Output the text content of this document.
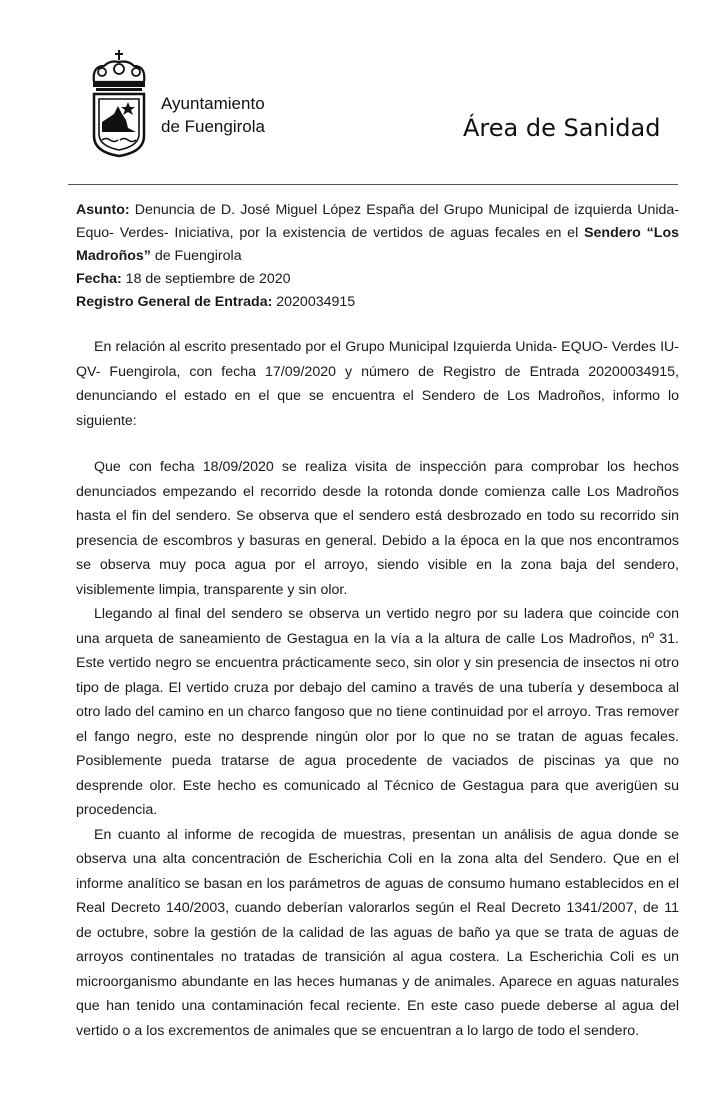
Ayuntamiento
de Fuengirola	Área de Sanidad

Asunto: Denuncia de D. José Miguel López España del Grupo Municipal de izquierda Unida-Equo- Verdes- Iniciativa, por la existencia de vertidos de aguas fecales en el Sendero “Los Madroños” de Fuengirola

Fecha: 18 de septiembre de 2020

Registro General de Entrada: 2020034915

En relación al escrito presentado por el Grupo Municipal Izquierda Unida- EQUO- Verdes IU-QV- Fuengirola, con fecha 17/09/2020 y número de Registro de Entrada 20200034915, denunciando el estado en el que se encuentra el Sendero de Los Madroños, informo lo siguiente:

Que con fecha 18/09/2020 se realiza visita de inspección para comprobar los hechos denunciados empezando el recorrido desde la rotonda donde comienza calle Los Madroños hasta el fin del sendero. Se observa que el sendero está desbrozado en todo su recorrido sin presencia de escombros y basuras en general. Debido a la época en la que nos encontramos se observa muy poca agua por el arroyo, siendo visible en la zona baja del sendero, visiblemente limpia, transparente y sin olor.

Llegando al final del sendero se observa un vertido negro por su ladera que coincide con una arqueta de saneamiento de Gestagua en la vía a la altura de calle Los Madroños, nº 31. Este vertido negro se encuentra prácticamente seco, sin olor y sin presencia de insectos ni otro tipo de plaga. El vertido cruza por debajo del camino a través de una tubería y desemboca al otro lado del camino en un charco fangoso que no tiene continuidad por el arroyo. Tras remover el fango negro, este no desprende ningún olor por lo que no se tratan de aguas fecales. Posiblemente pueda tratarse de agua procedente de vaciados de piscinas ya que no desprende olor. Este hecho es comunicado al Técnico de Gestagua para que averigüen su procedencia.

En cuanto al informe de recogida de muestras, presentan un análisis de agua donde se observa una alta concentración de Escherichia Coli en la zona alta del Sendero. Que en el informe analítico se basan en los parámetros de aguas de consumo humano establecidos en el Real Decreto 140/2003, cuando deberían valorarlos según el Real Decreto 1341/2007, de 11 de octubre, sobre la gestión de la calidad de las aguas de baño ya que se trata de aguas de arroyos continentales no tratadas de transición al agua costera. La Escherichia Coli es un microorganismo abundante en las heces humanas y de animales. Aparece en aguas naturales que han tenido una contaminación fecal reciente. En este caso puede deberse al agua del vertido o a los excrementos de animales que se encuentran a lo largo de todo el sendero.
